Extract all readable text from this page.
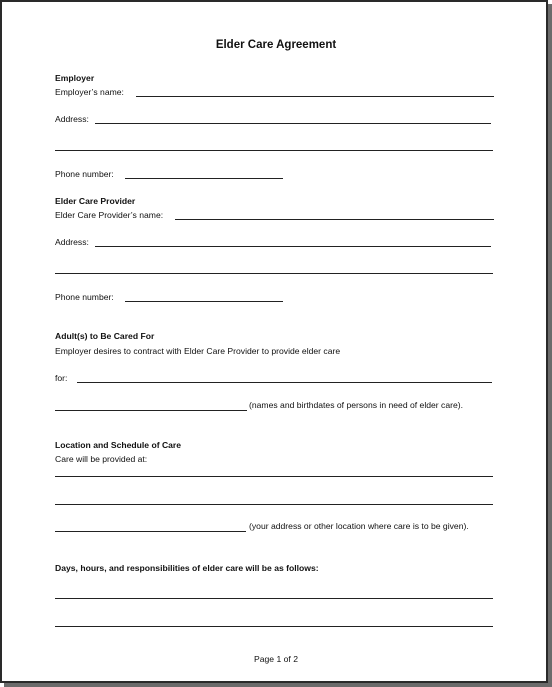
Elder Care Agreement
Employer
Employer’s name:
Address:
Phone number:
Elder Care Provider
Elder Care Provider’s name:
Address:
Phone number:
Adult(s) to Be Cared For
Employer desires to contract with Elder Care Provider to provide elder care
for:
(names and birthdates of persons in need of elder care).
Location and Schedule of Care
Care will be provided at:
(your address or other location where care is to be given).
Days, hours, and responsibilities of elder care will be as follows:
Page 1 of 2
